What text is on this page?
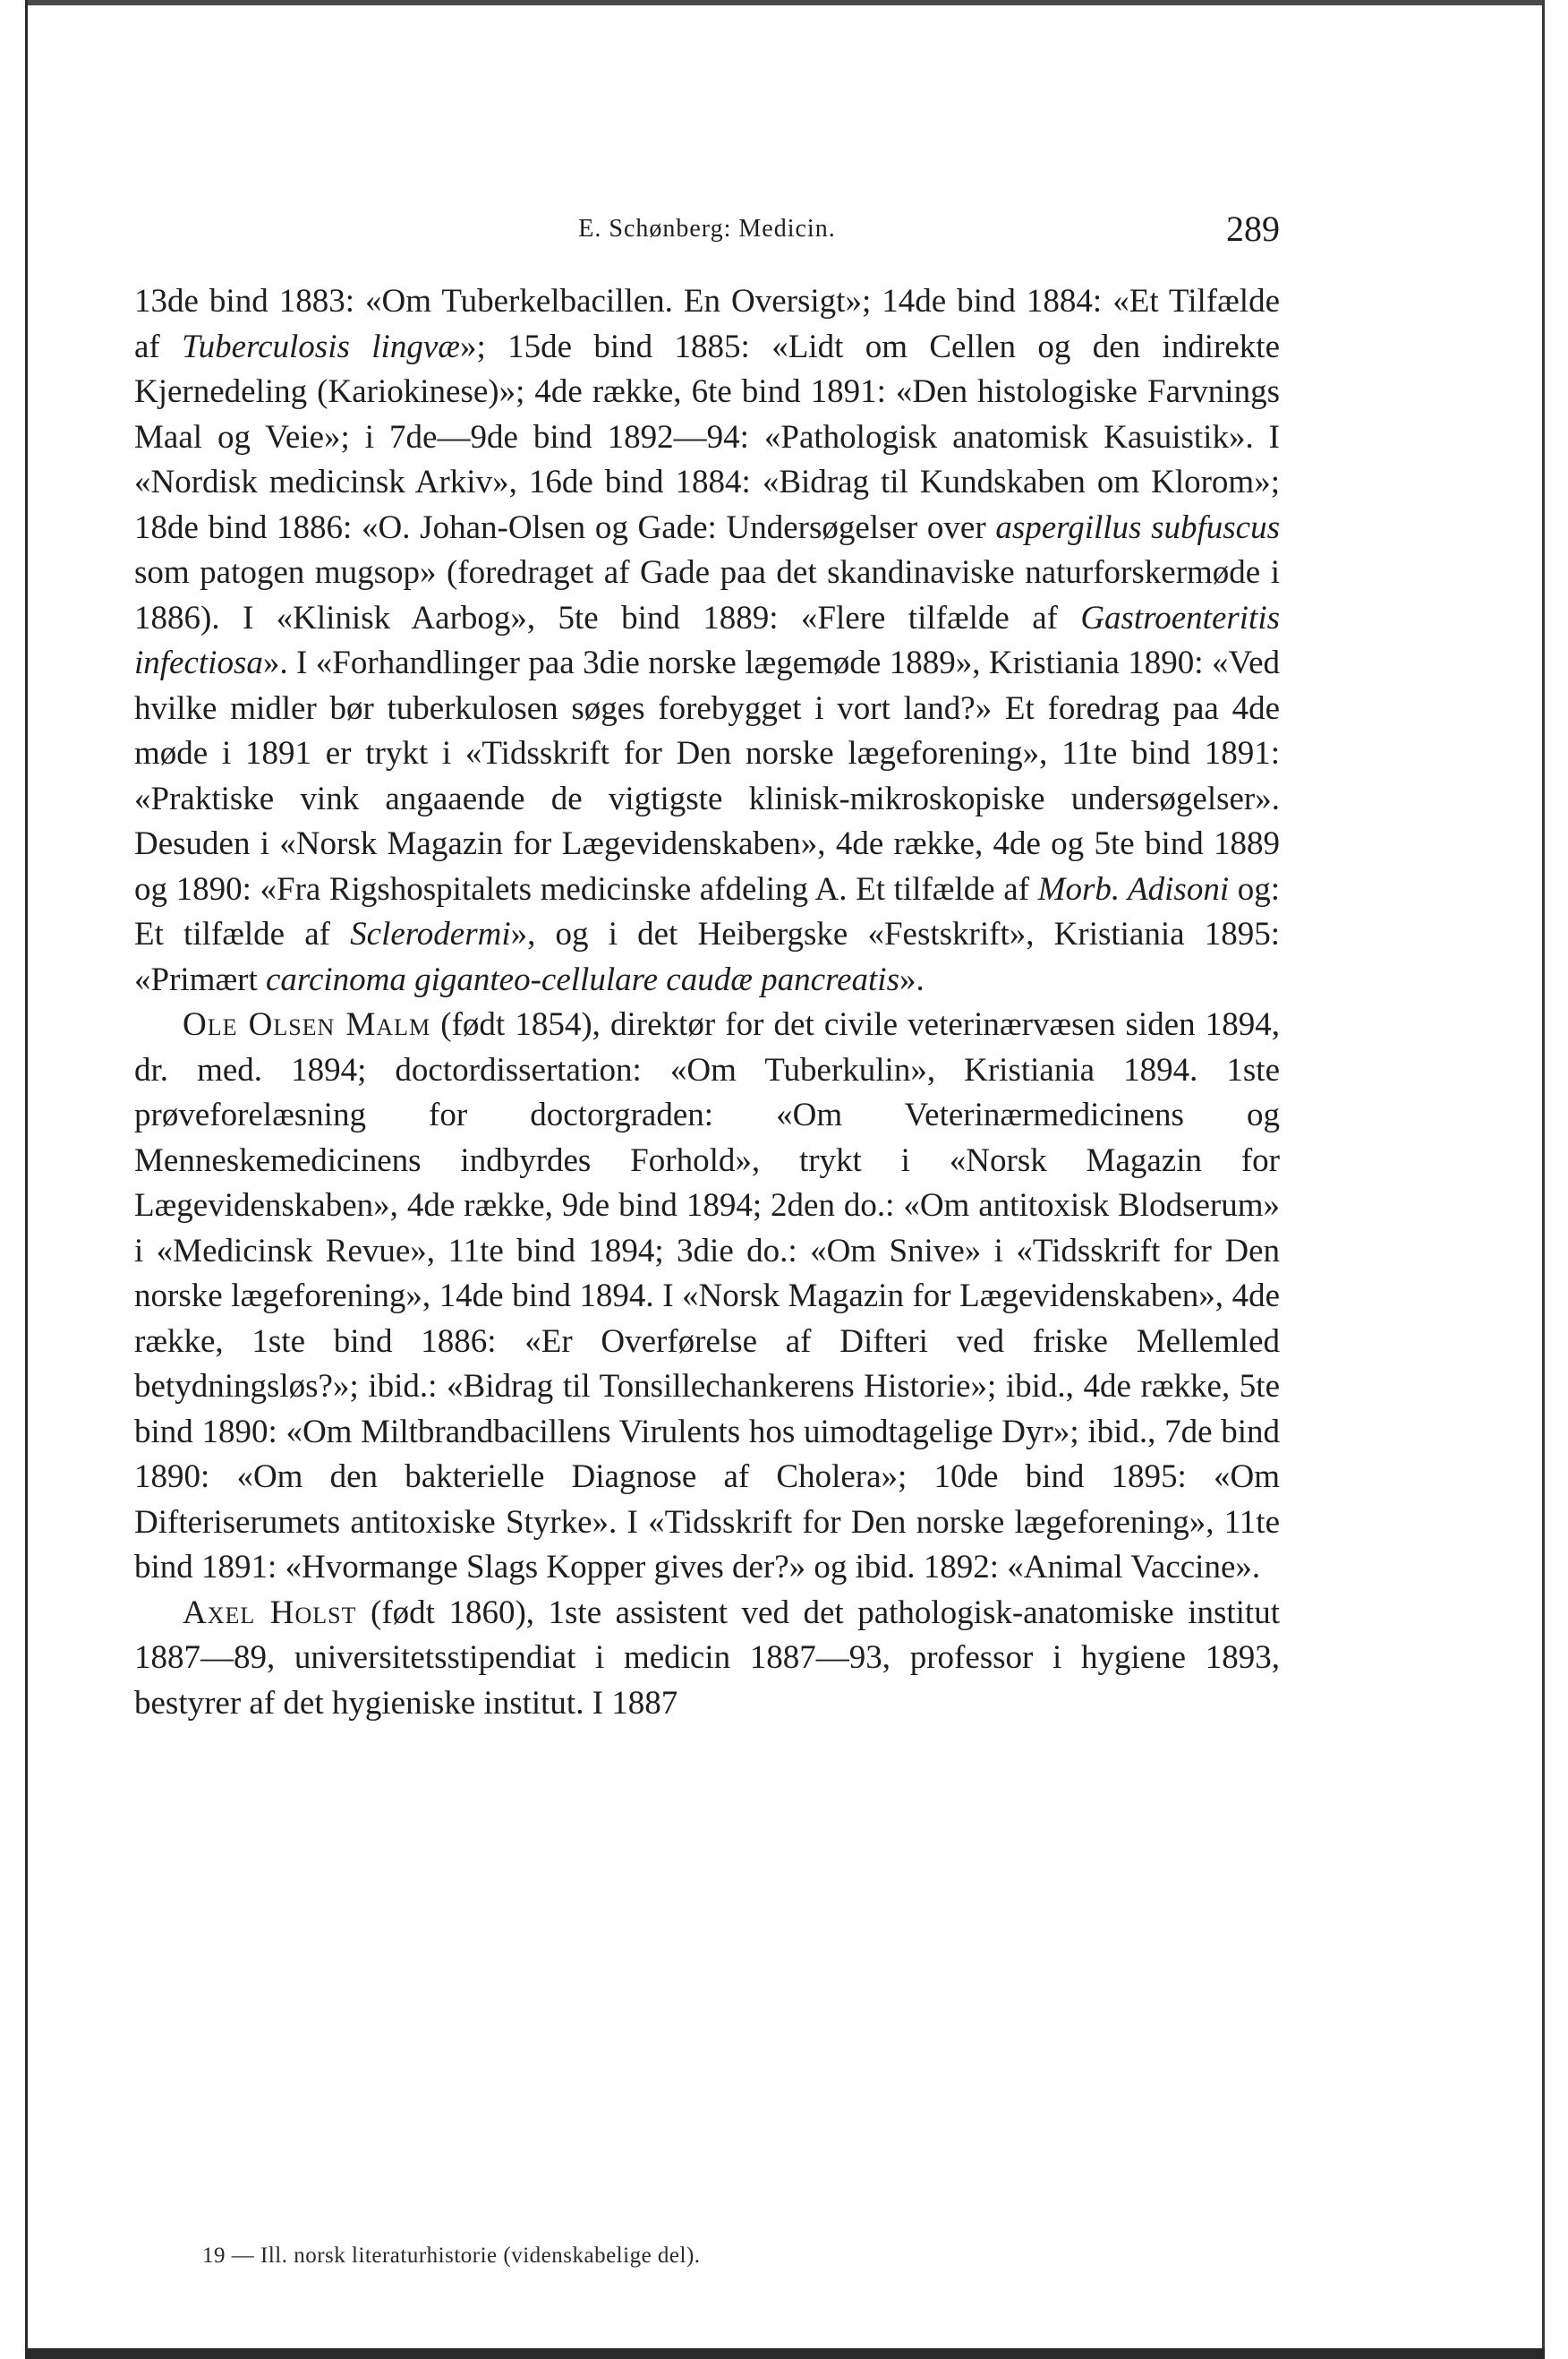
E. Schønberg: Medicin.	289

13de bind 1883: «Om Tuberkelbacillen. En Oversigt»; 14de bind 1884: «Et Tilfælde af Tuberculosis lingvæ»; 15de bind 1885: «Lidt om Cellen og den indirekte Kjernedeling (Kariokinese)»; 4de række, 6te bind 1891: «Den histologiske Farvnings Maal og Veie»; i 7de—9de bind 1892—94: «Pathologisk anatomisk Kasuistik». I «Nordisk medicinsk Arkiv», 16de bind 1884: «Bidrag til Kundskaben om Klorom»; 18de bind 1886: «O. Johan-Olsen og Gade: Undersøgelser over aspergillus subfuscus som patogen mugsop» (foredraget af Gade paa det skandinaviske naturforskermøde i 1886). I «Klinisk Aarbog», 5te bind 1889: «Flere tilfælde af Gastroenteritis infectiosa». I «Forhandlinger paa 3die norske lægemøde 1889», Kristiania 1890: «Ved hvilke midler bør tuberkulosen søges forebygget i vort land?» Et foredrag paa 4de møde i 1891 er trykt i «Tidsskrift for Den norske lægeforening», 11te bind 1891: «Praktiske vink angaaende de vigtigste klinisk-mikroskopiske undersøgelser». Desuden i «Norsk Magazin for Lægevidenskaben», 4de række, 4de og 5te bind 1889 og 1890: «Fra Rigshospitalets medicinske afdeling A. Et tilfælde af Morb. Adisoni og: Et tilfælde af Sclerodermi», og i det Heibergske «Festskrift», Kristiania 1895: «Primært carcinoma giganteo-cellulare caudæ pancreatis».

Ole Olsen Malm (født 1854), direktør for det civile veterinærvæsen siden 1894, dr. med. 1894; doctordissertation: «Om Tuberkulin», Kristiania 1894. 1ste prøveforelæsning for doctorgraden: «Om Veterinærmedicinens og Menneskemedicinens indbyrdes Forhold», trykt i «Norsk Magazin for Lægevidenskaben», 4de række, 9de bind 1894; 2den do.: «Om antitoxisk Blodserum» i «Medicinsk Revue», 11te bind 1894; 3die do.: «Om Snive» i «Tidsskrift for Den norske lægeforening», 14de bind 1894. I «Norsk Magazin for Lægevidenskaben», 4de række, 1ste bind 1886: «Er Overførelse af Difteri ved friske Mellemled betydningsløs?»; ibid.: «Bidrag til Tonsillechankerens Historie»; ibid., 4de række, 5te bind 1890: «Om Miltbrandbacillens Virulents hos uimodtagelige Dyr»; ibid., 7de bind 1890: «Om den bakterielle Diagnose af Cholera»; 10de bind 1895: «Om Difteriserumets antitoxiske Styrke». I «Tidsskrift for Den norske lægeforening», 11te bind 1891: «Hvormange Slags Kopper gives der?» og ibid. 1892: «Animal Vaccine».

Axel Holst (født 1860), 1ste assistent ved det pathologisk-anatomiske institut 1887—89, universitetsstipendiat i medicin 1887—93, professor i hygiene 1893, bestyrer af det hygieniske institut. I 1887

19 — Ill. norsk literaturhistorie (videnskabelige del).
